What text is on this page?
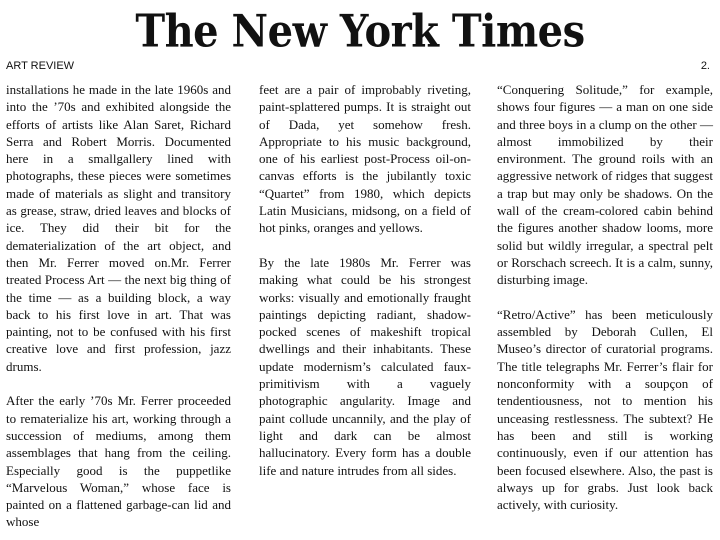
The New York Times
ART REVIEW	2.

installations he made in the late 1960s and into the ’70s and exhibited alongside the efforts of artists like Alan Saret, Richard Serra and Robert Morris. Documented here in a smallgallery lined with photographs, these pieces were sometimes made of materials as slight and transitory as grease, straw, dried leaves and blocks of ice. They did their bit for the dematerialization of the art object, and then Mr. Ferrer moved on.Mr. Ferrer treated Process Art — the next big thing of the time — as a building block, a way back to his first love in art. That was painting, not to be confused with his first creative love and first profession, jazz drums.

After the early ’70s Mr. Ferrer proceeded to rematerialize his art, working through a succession of mediums, among them assemblages that hang from the ceiling. Especially good is the puppetlike “Marvelous Woman,” whose face is painted on a flattened garbage-can lid and whose

feet are a pair of improbably riveting, paint-splattered pumps. It is straight out of Dada, yet somehow fresh. Appropriate to his music background, one of his earliest post-Process oil-on-canvas efforts is the jubilantly toxic “Quartet” from 1980, which depicts Latin Musicians, midsong, on a field of hot pinks, oranges and yellows.

By the late 1980s Mr. Ferrer was making what could be his strongest works: visually and emotionally fraught paintings depicting radiant, shadow-pocked scenes of makeshift tropical dwellings and their inhabitants. These update modernism’s calculated faux-primitivism with a vaguely photographic angularity. Image and paint collude uncannily, and the play of light and dark can be almost hallucinatory. Every form has a double life and nature intrudes from all sides.

“Conquering Solitude,” for example, shows four figures — a man on one side and three boys in a clump on the other — almost immobilized by their environment. The ground roils with an aggressive network of ridges that suggest a trap but may only be shadows. On the wall of the cream-colored cabin behind the figures another shadow looms, more solid but wildly irregular, a spectral pelt or Rorschach screech. It is a calm, sunny, disturbing image.

“Retro/Active” has been meticulously assembled by Deborah Cullen, El Museo’s director of curatorial programs. The title telegraphs Mr. Ferrer’s flair for nonconformity with a soupçon of tendentiousness, not to mention his unceasing restlessness. The subtext? He has been and still is working continuously, even if our attention has been focused elsewhere. Also, the past is always up for grabs. Just look back actively, with curiosity.
